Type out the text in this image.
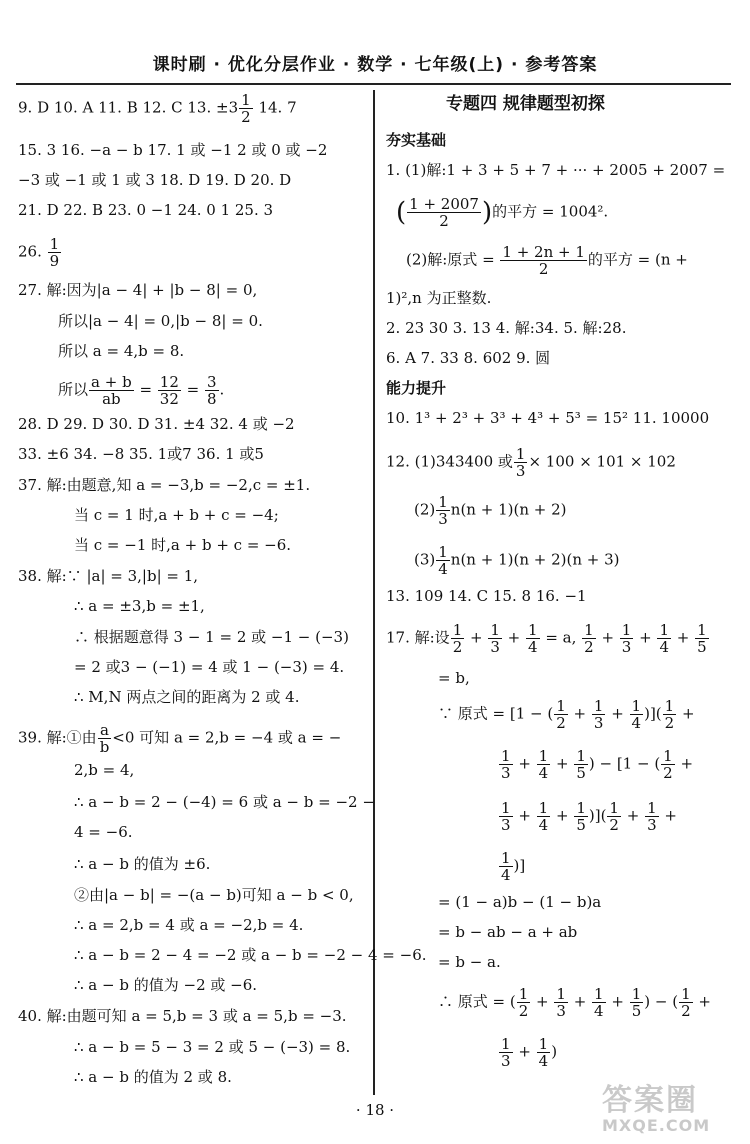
课时刷 · 优化分层作业 · 数学 · 七年级(上) · 参考答案
9. D 10. A 11. B 12. C 13. $\pm 3 \frac{1}{2} 14$. 7
15. 3 16. −a − b 17. 1 或 −1 2 或 0 或 −2
−3 或 −1 或 1 或 3 18. D 19. D 20. D
21. D 22. B 23. 0 −1 24. 0 1 25. 3
26. $\frac{1}{9}$
27. 解:因为|a − 4| + |b − 8| = 0,
所以|a − 4| = 0,|b − 8| = 0.
所以 a = 4,b = 8.
所以 $\frac{a + b}{ab} = \frac{12}{32} = \frac{3}{8}$ .
28. D 29. D 30. D 31. ±4 32. 4 或 −2
33. ±6 34. −8 35. 1或7 36. 1 或5
37. 解:由题意,知 a = −3,b = −2,c = ±1.
当 c = 1 时,a + b + c = −4;
当 c = −1 时,a + b + c = −6.
38. 解:∵ |a| = 3,|b| = 1,
∴ a = ±3,b = ±1,
∴ 根据题意得 3 − 1 = 2 或 −1 − (−3)
= 2 或3 − (−1) = 4 或 1 − (−3) = 4.
∴ M,N 两点之间的距离为 2 或 4.
39. 解:①由 $\frac{a}{b} <0$ 可知 a = 2,b = −4 或 a = −
2,b = 4,
∴ a − b = 2 − (−4) = 6 或 a − b = −2 −
4 = −6.
∴ a − b 的值为 ±6.
②由|a − b| = −(a − b)可知 a − b < 0,
∴ a = 2,b = 4 或 a = −2,b = 4.
∴ a − b = 2 − 4 = −2 或 a − b = −2 − 4 = −6.
∴ a − b 的值为 −2 或 −6.
40. 解:由题可知 a = 5,b = 3 或 a = 5,b = −3.
∴ a − b = 5 − 3 = 2 或 5 − (−3) = 8.
∴ a − b 的值为 2 或 8.
专题四 规律题型初探
夯实基础
1. (1)解:1 + 3 + 5 + 7 + ··· + 2005 + 2007 =
( $\frac{1 + 2007}{2}$ )的平方 = 1004².
(2)解:原式 = $\frac{1 + 2n + 1}{2}$ 的平方 = (n +
1)²,n 为正整数.
2. 23 30 3. 13 4. 解:34. 5. 解:28.
6. A 7. 33 8. 602 9. 圆
能力提升
10. 1³ + 2³ + 3³ + 4³ + 5³ = 15² 11. 10000
12. (1)343400 或 $\frac{1}{3} \times 100 \times 101 \times 102$
$(2) \frac{1}{3} n(n + 1)(n + 2)$
$(3) \frac{1}{4} n(n + 1)(n + 2)(n + 3)$
13. 109 14. C 15. 8 16. −1
17. 解:设 $\frac{1}{2} + \frac{1}{3} + \frac{1}{4} = a$, $\frac{1}{2} + \frac{1}{3} + \frac{1}{4} + \frac{1}{5}$
= b,
∵ 原式 = [1 − ( $\frac{1}{2} + \frac{1}{3} + \frac{1}{4}$ )]( $\frac{1}{2}$ +
$\frac{1}{3} + \frac{1}{4} + \frac{1}{5}$ ) − [1 − ( $\frac{1}{2}$ +
$\frac{1}{3} + \frac{1}{4} + \frac{1}{5}$ )]( $\frac{1}{2} + \frac{1}{3}$ +
$\frac{1}{4}$ )]
= (1 − a)b − (1 − b)a
= b − ab − a + ab
= b − a.
∴ 原式 = ( $\frac{1}{2} + \frac{1}{3} + \frac{1}{4} + \frac{1}{5}$ ) − ( $\frac{1}{2}$ +
$\frac{1}{3} + \frac{1}{4}$ )
· 18 ·	答案圈
MXQE.COM
